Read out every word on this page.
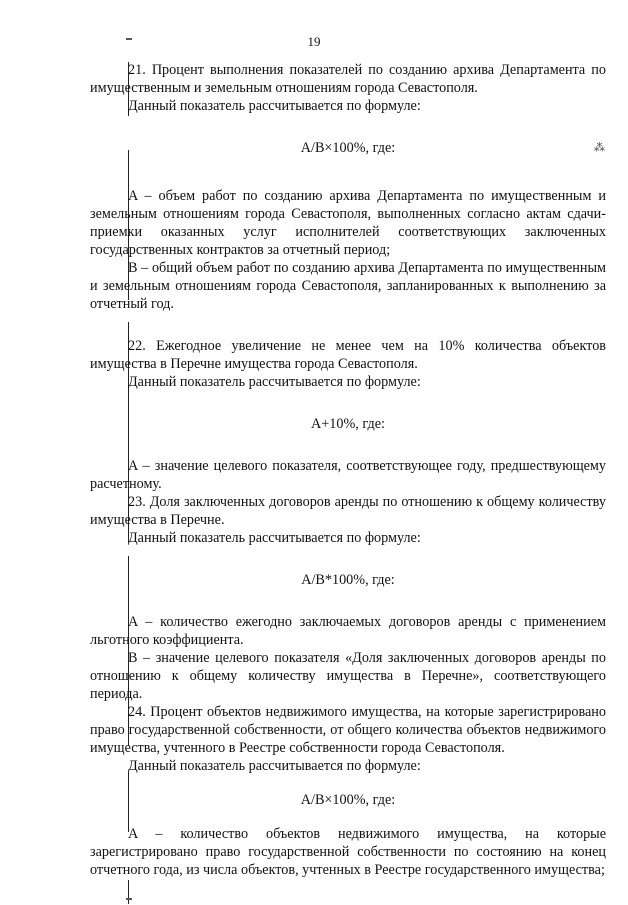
19
⁂

21. Процент выполнения показателей по созданию архива Департамента по имущественным и земельным отношениям города Севастополя.

Данный показатель рассчитывается по формуле:

A/B×100%, где:

A – объем работ по созданию архива Департамента по имущественным и земельным отношениям города Севастополя, выполненных согласно актам сдачи-приемки оказанных услуг исполнителей соответствующих заключенных государственных контрактов за отчетный период;

B – общий объем работ по созданию архива Департамента по имущественным и земельным отношениям города Севастополя, запланированных к выполнению за отчетный год.

22. Ежегодное увеличение не менее чем на 10% количества объектов имущества в Перечне имущества города Севастополя.

Данный показатель рассчитывается по формуле:

A+10%, где:

A – значение целевого показателя, соответствующее году, предшествующему расчетному.

23. Доля заключенных договоров аренды по отношению к общему количеству имущества в Перечне.

Данный показатель рассчитывается по формуле:

A/B*100%, где:

A – количество ежегодно заключаемых договоров аренды с применением льготного коэффициента.

B – значение целевого показателя «Доля заключенных договоров аренды по отношению к общему количеству имущества в Перечне», соответствующего периода.

24. Процент объектов недвижимого имущества, на которые зарегистрировано право государственной собственности, от общего количества объектов недвижимого имущества, учтенного в Реестре собственности города Севастополя.

Данный показатель рассчитывается по формуле:

A/B×100%, где:

A – количество объектов недвижимого имущества, на которые зарегистрировано право государственной собственности по состоянию на конец отчетного года, из числа объектов, учтенных в Реестре государственного имущества;
